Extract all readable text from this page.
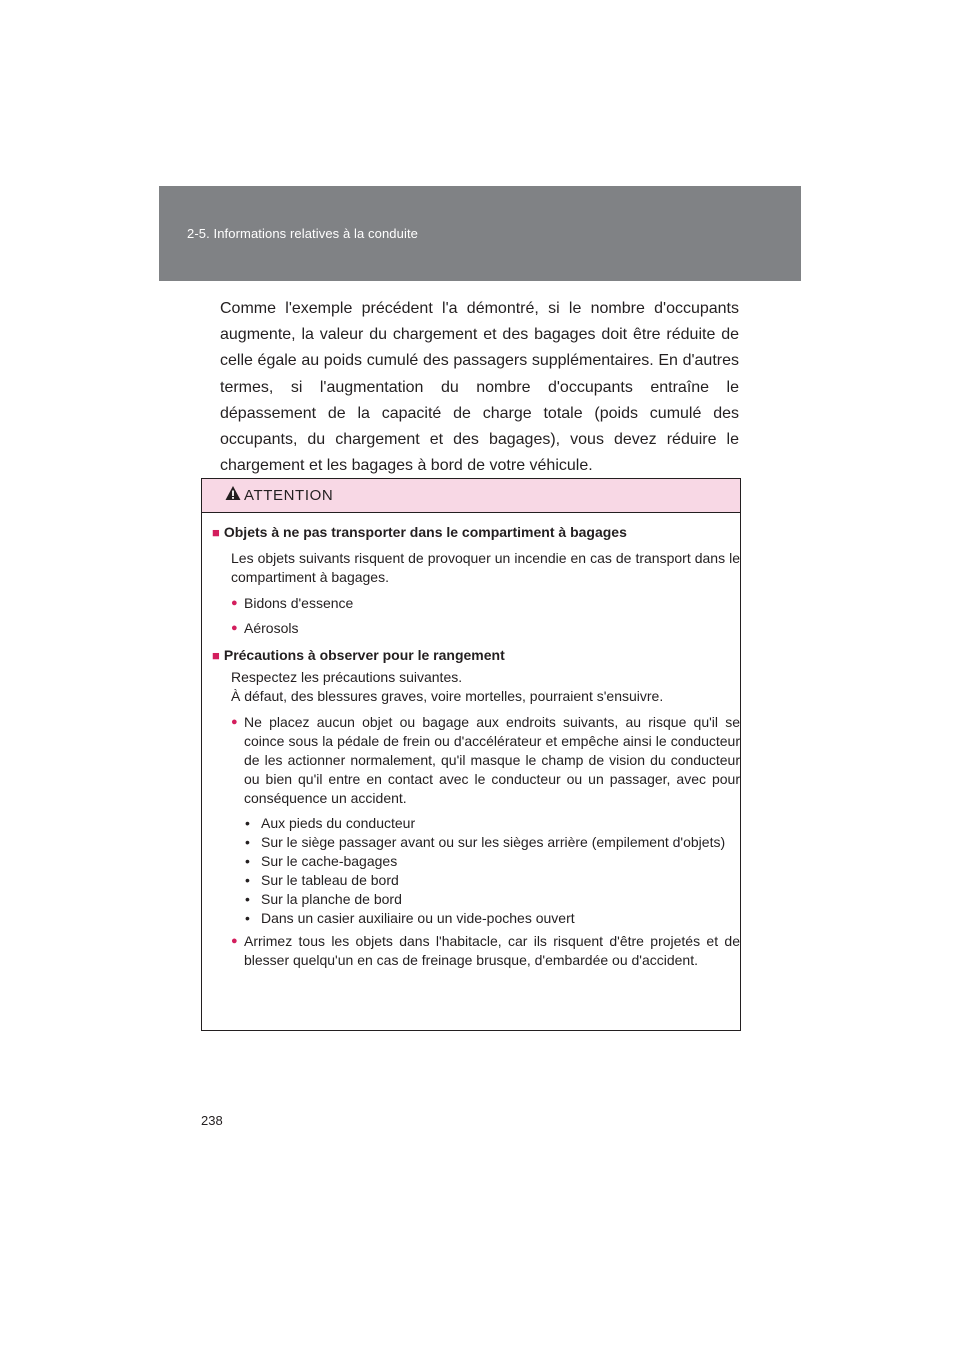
2-5. Informations relatives à la conduite
Comme l'exemple précédent l'a démontré, si le nombre d'occupants augmente, la valeur du chargement et des bagages doit être réduite de celle égale au poids cumulé des passagers supplémentaires. En d'autres termes, si l'augmentation du nombre d'occupants entraîne le dépassement de la capacité de charge totale (poids cumulé des occupants, du chargement et des bagages), vous devez réduire le chargement et les bagages à bord de votre véhicule.
ATTENTION
■ Objets à ne pas transporter dans le compartiment à bagages
Les objets suivants risquent de provoquer un incendie en cas de transport dans le compartiment à bagages.
● Bidons d'essence
● Aérosols
■ Précautions à observer pour le rangement
Respectez les précautions suivantes.
À défaut, des blessures graves, voire mortelles, pourraient s'ensuivre.
● Ne placez aucun objet ou bagage aux endroits suivants, au risque qu'il se coince sous la pédale de frein ou d'accélérateur et empêche ainsi le conducteur de les actionner normalement, qu'il masque le champ de vision du conducteur ou bien qu'il entre en contact avec le conducteur ou un passager, avec pour conséquence un accident.
• Aux pieds du conducteur
• Sur le siège passager avant ou sur les sièges arrière (empilement d'objets)
• Sur le cache-bagages
• Sur le tableau de bord
• Sur la planche de bord
• Dans un casier auxiliaire ou un vide-poches ouvert
● Arrimez tous les objets dans l'habitacle, car ils risquent d'être projetés et de blesser quelqu'un en cas de freinage brusque, d'embardée ou d'accident.
238
